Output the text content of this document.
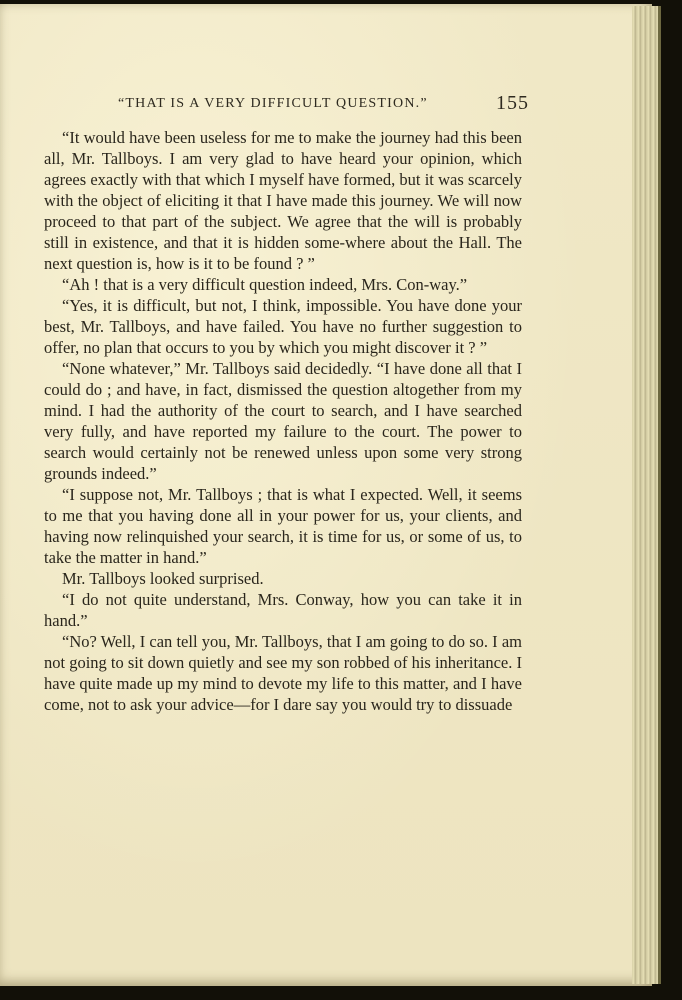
“THAT IS A VERY DIFFICULT QUESTION.”	155

“It would have been useless for me to make the journey had this been all, Mr. Tallboys. I am very glad to have heard your opinion, which agrees exactly with that which I myself have formed, but it was scarcely with the object of eliciting it that I have made this journey. We will now proceed to that part of the subject. We agree that the will is probably still in existence, and that it is hidden some-where about the Hall. The next question is, how is it to be found ? ”

“Ah ! that is a very difficult question indeed, Mrs. Con-way.”

“Yes, it is difficult, but not, I think, impossible. You have done your best, Mr. Tallboys, and have failed. You have no further suggestion to offer, no plan that occurs to you by which you might discover it ? ”

“None whatever,” Mr. Tallboys said decidedly. “I have done all that I could do ; and have, in fact, dismissed the question altogether from my mind. I had the authority of the court to search, and I have searched very fully, and have reported my failure to the court. The power to search would certainly not be renewed unless upon some very strong grounds indeed.”

“I suppose not, Mr. Tallboys ; that is what I expected. Well, it seems to me that you having done all in your power for us, your clients, and having now relinquished your search, it is time for us, or some of us, to take the matter in hand.”

Mr. Tallboys looked surprised.

“I do not quite understand, Mrs. Conway, how you can take it in hand.”

“No? Well, I can tell you, Mr. Tallboys, that I am going to do so. I am not going to sit down quietly and see my son robbed of his inheritance. I have quite made up my mind to devote my life to this matter, and I have come, not to ask your advice—for I dare say you would try to dissuade
